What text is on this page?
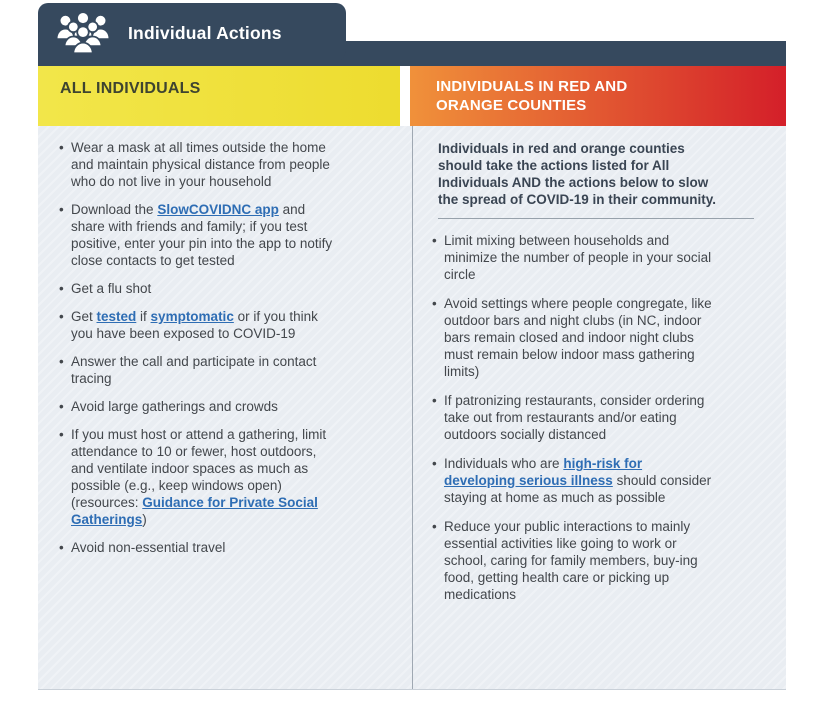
Individual Actions
ALL INDIVIDUALS	INDIVIDUALS IN RED AND ORANGE COUNTIES
• Wear a mask at all times outside the home and maintain physical distance from people who do not live in your household
• Download the SlowCOVIDNC app and share with friends and family; if you test positive, enter your pin into the app to notify close contacts to get tested
• Get a flu shot
• Get tested if symptomatic or if you think you have been exposed to COVID-19
• Answer the call and participate in contact tracing
• Avoid large gatherings and crowds
• If you must host or attend a gathering, limit attendance to 10 or fewer, host outdoors, and ventilate indoor spaces as much as possible (e.g., keep windows open) (resources: Guidance for Private Social Gatherings)
• Avoid non-essential travel
Individuals in red and orange counties should take the actions listed for All Individuals AND the actions below to slow the spread of COVID-19 in their community.
• Limit mixing between households and minimize the number of people in your social circle
• Avoid settings where people congregate, like outdoor bars and night clubs (in NC, indoor bars remain closed and indoor night clubs must remain below indoor mass gathering limits)
• If patronizing restaurants, consider ordering take out from restaurants and/or eating outdoors socially distanced
• Individuals who are high-risk for developing serious illness should consider staying at home as much as possible
• Reduce your public interactions to mainly essential activities like going to work or school, caring for family members, buy-ing food, getting health care or picking up medications
